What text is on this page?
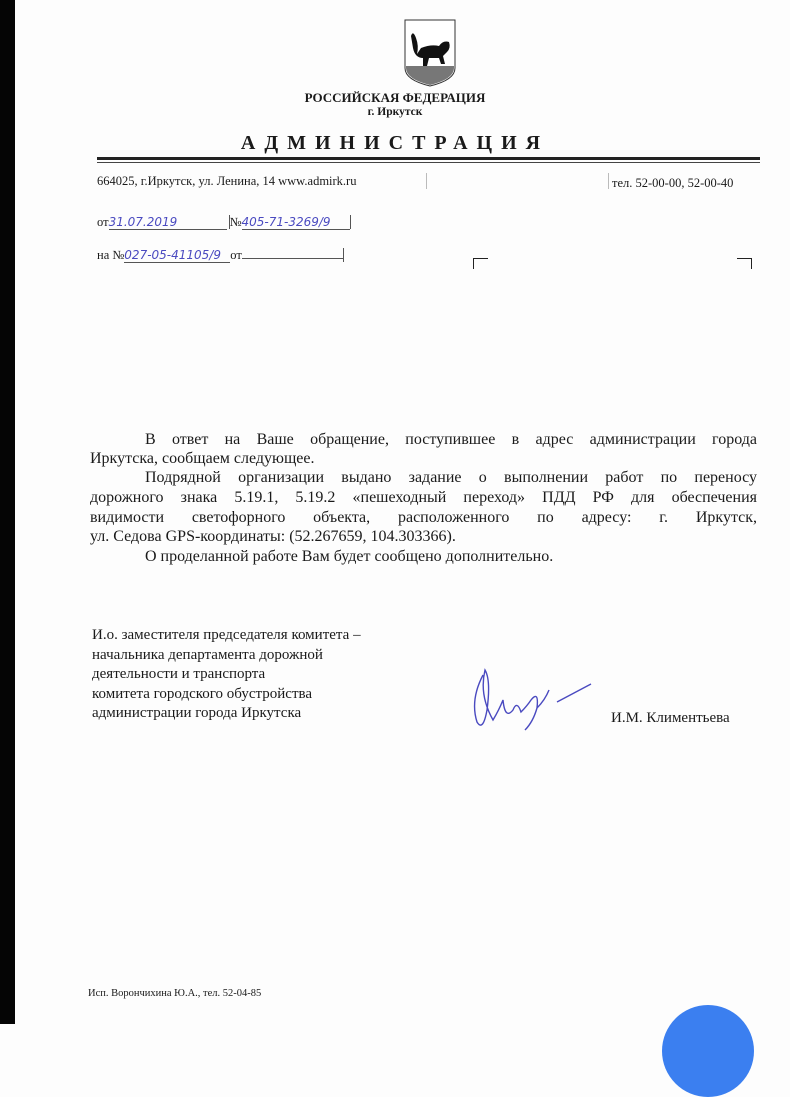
РОССИЙСКАЯ ФЕДЕРАЦИЯ
г. Иркутск
АДМИНИСТРАЦИЯ
664025, г.Иркутск, ул. Ленина, 14 www.admirk.ru	тел. 52-00-00, 52-00-40
от31.07.2019	№405-71-3269/9
на №027-05-41105/9 от
В ответ на Ваше обращение, поступившее в адрес администрации города
Иркутска, сообщаем следующее.
Подрядной организации выдано задание о выполнении работ по переносу
дорожного знака 5.19.1, 5.19.2 «пешеходный переход» ПДД РФ для обеспечения
видимости светофорного объекта, расположенного по адресу: г. Иркутск,
ул. Седова GPS-координаты: (52.267659, 104.303366).
О проделанной работе Вам будет сообщено дополнительно.
И.о. заместителя председателя комитета –
начальника департамента дорожной
деятельности и транспорта
комитета городского обустройства
администрации города Иркутска	И.М. Климентьева
Исп. Ворончихина Ю.А., тел. 52-04-85
